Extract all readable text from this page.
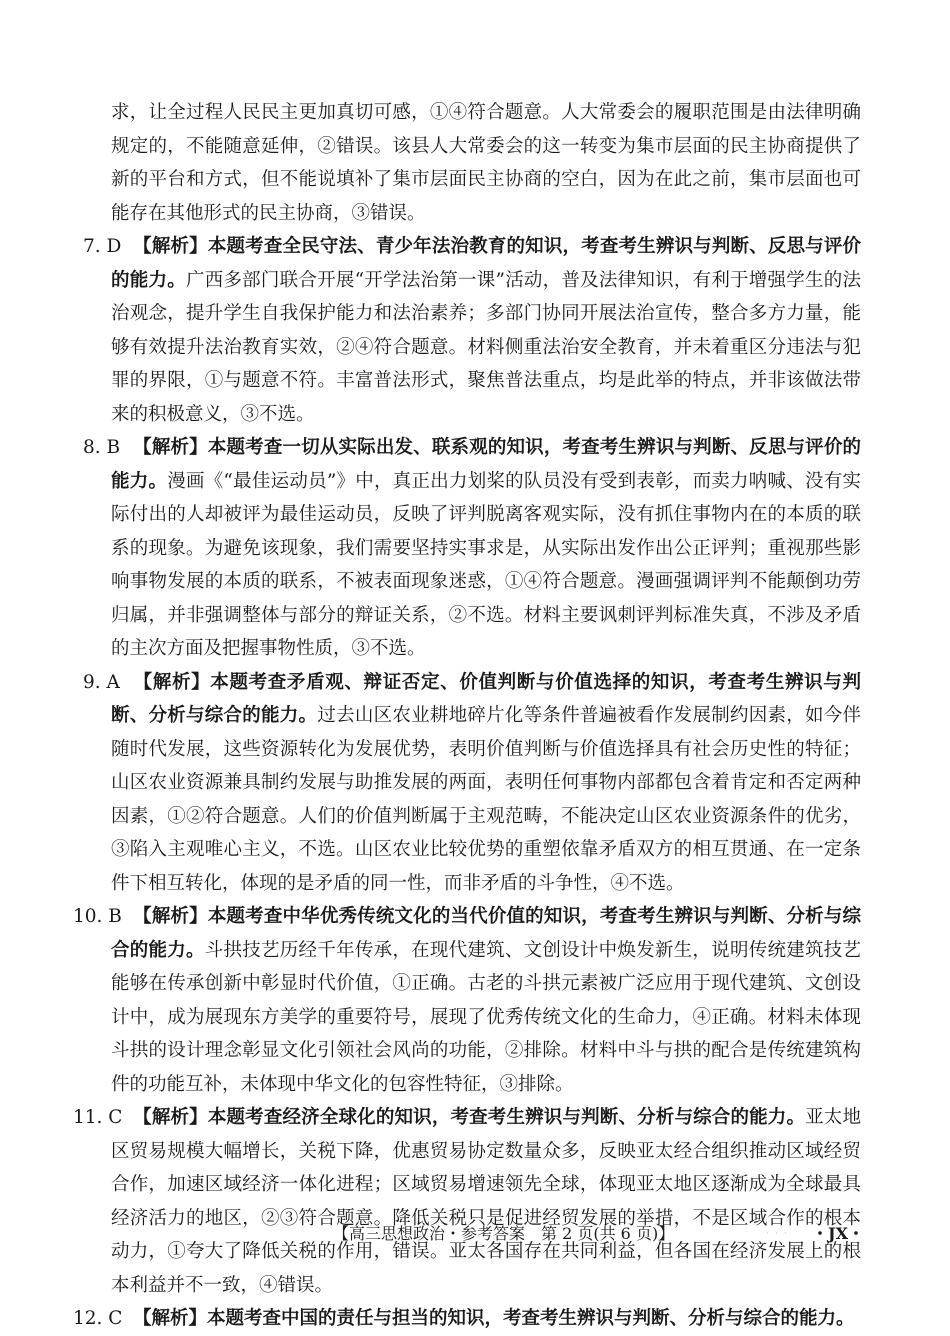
求，让全过程人民民主更加真切可感，①④符合题意。人大常委会的履职范围是由法律明确规定的，不能随意延伸，②错误。该县人大常委会的这一转变为集市层面的民主协商提供了新的平台和方式，但不能说填补了集市层面民主协商的空白，因为在此之前，集市层面也可能存在其他形式的民主协商，③错误。
7. D 【解析】本题考查全民守法、青少年法治教育的知识，考查考生辨识与判断、反思与评价的能力。广西多部门联合开展“开学法治第一课”活动，普及法律知识，有利于增强学生的法治观念，提升学生自我保护能力和法治素养；多部门协同开展法治宣传，整合多方力量，能够有效提升法治教育实效，②④符合题意。材料侧重法治安全教育，并未着重区分违法与犯罪的界限，①与题意不符。丰富普法形式，聚焦普法重点，均是此举的特点，并非该做法带来的积极意义，③不选。
8. B 【解析】本题考查一切从实际出发、联系观的知识，考查考生辨识与判断、反思与评价的能力。漫画《“最佳运动员”》中，真正出力划桨的队员没有受到表彰，而卖力呐喊、没有实际付出的人却被评为最佳运动员，反映了评判脱离客观实际，没有抓住事物内在的本质的联系的现象。为避免该现象，我们需要坚持实事求是，从实际出发作出公正评判；重视那些影响事物发展的本质的联系，不被表面现象迷惑，①④符合题意。漫画强调评判不能颠倒功劳归属，并非强调整体与部分的辩证关系，②不选。材料主要讽刺评判标准失真，不涉及矛盾的主次方面及把握事物性质，③不选。
9. A 【解析】本题考查矛盾观、辩证否定、价值判断与价值选择的知识，考查考生辨识与判断、分析与综合的能力。过去山区农业耕地碎片化等条件普遍被看作发展制约因素，如今伴随时代发展，这些资源转化为发展优势，表明价值判断与价值选择具有社会历史性的特征；山区农业资源兼具制约发展与助推发展的两面，表明任何事物内部都包含着肯定和否定两种因素，①②符合题意。人们的价值判断属于主观范畴，不能决定山区农业资源条件的优劣，③陷入主观唯心主义，不选。山区农业比较优势的重塑依靠矛盾双方的相互贯通、在一定条件下相互转化，体现的是矛盾的同一性，而非矛盾的斗争性，④不选。
10. B 【解析】本题考查中华优秀传统文化的当代价值的知识，考查考生辨识与判断、分析与综合的能力。斗拱技艺历经千年传承，在现代建筑、文创设计中焕发新生，说明传统建筑技艺能够在传承创新中彰显时代价值，①正确。古老的斗拱元素被广泛应用于现代建筑、文创设计中，成为展现东方美学的重要符号，展现了优秀传统文化的生命力，④正确。材料未体现斗拱的设计理念彰显文化引领社会风尚的功能，②排除。材料中斗与拱的配合是传统建筑构件的功能互补，未体现中华文化的包容性特征，③排除。
11. C 【解析】本题考查经济全球化的知识，考查考生辨识与判断、分析与综合的能力。亚太地区贸易规模大幅增长，关税下降，优惠贸易协定数量众多，反映亚太经合组织推动区域经贸合作，加速区域经济一体化进程；区域贸易增速领先全球，体现亚太地区逐渐成为全球最具经济活力的地区，②③符合题意。降低关税只是促进经贸发展的举措，不是区域合作的根本动力，①夸大了降低关税的作用，错误。亚太各国存在共同利益，但各国在经济发展上的根本利益并不一致，④错误。
12. C 【解析】本题考查中国的责任与担当的知识，考查考生辨识与判断、分析与综合的能力。
【高三思想政治・参考答案　第 2 页(共 6 页)】	· · · ・JX・
